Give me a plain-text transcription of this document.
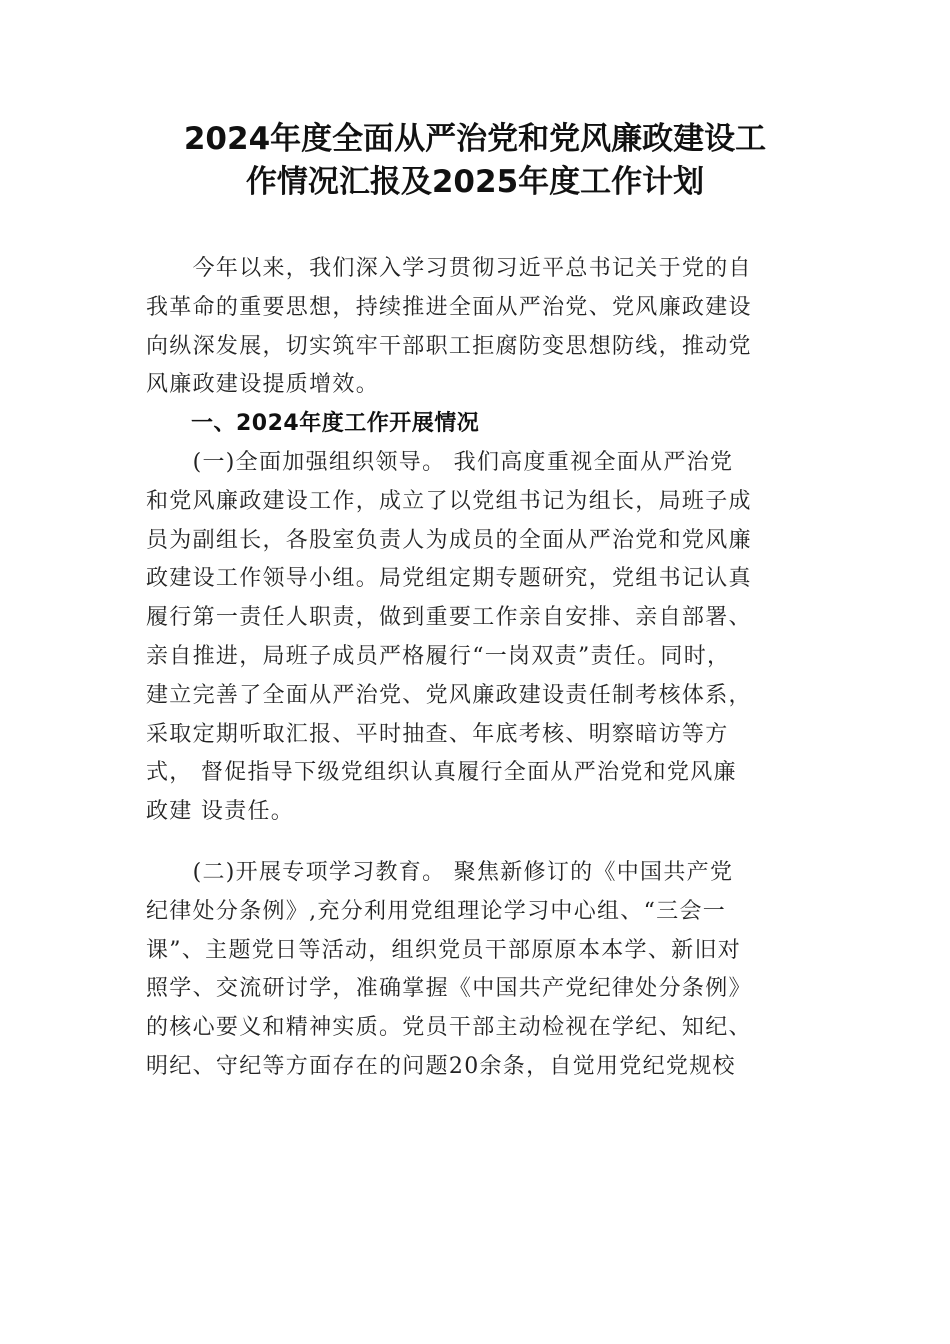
2024年度全面从严治党和党风廉政建设工
作情况汇报及2025年度工作计划
　　今年以来，我们深入学习贯彻习近平总书记关于党的自
我革命的重要思想，持续推进全面从严治党、党风廉政建设
向纵深发展，切实筑牢干部职工拒腐防变思想防线，推动党
风廉政建设提质增效。
　　一、2024年度工作开展情况
　　(一)全面加强组织领导。 我们高度重视全面从严治党
和党风廉政建设工作，成立了以党组书记为组长，局班子成
员为副组长，各股室负责人为成员的全面从严治党和党风廉
政建设工作领导小组。局党组定期专题研究，党组书记认真
履行第一责任人职责，做到重要工作亲自安排、亲自部署、
亲自推进，局班子成员严格履行“一岗双责”责任。同时，
建立完善了全面从严治党、党风廉政建设责任制考核体系，
采取定期听取汇报、平时抽查、年底考核、明察暗访等方
式， 督促指导下级党组织认真履行全面从严治党和党风廉
政建 设责任。
　　(二)开展专项学习教育。 聚焦新修订的《中国共产党
纪律处分条例》,充分利用党组理论学习中心组、“三会一
课”、主题党日等活动，组织党员干部原原本本学、新旧对
照学、交流研讨学，准确掌握《中国共产党纪律处分条例》
的核心要义和精神实质。党员干部主动检视在学纪、知纪、
明纪、守纪等方面存在的问题20余条，自觉用党纪党规校
